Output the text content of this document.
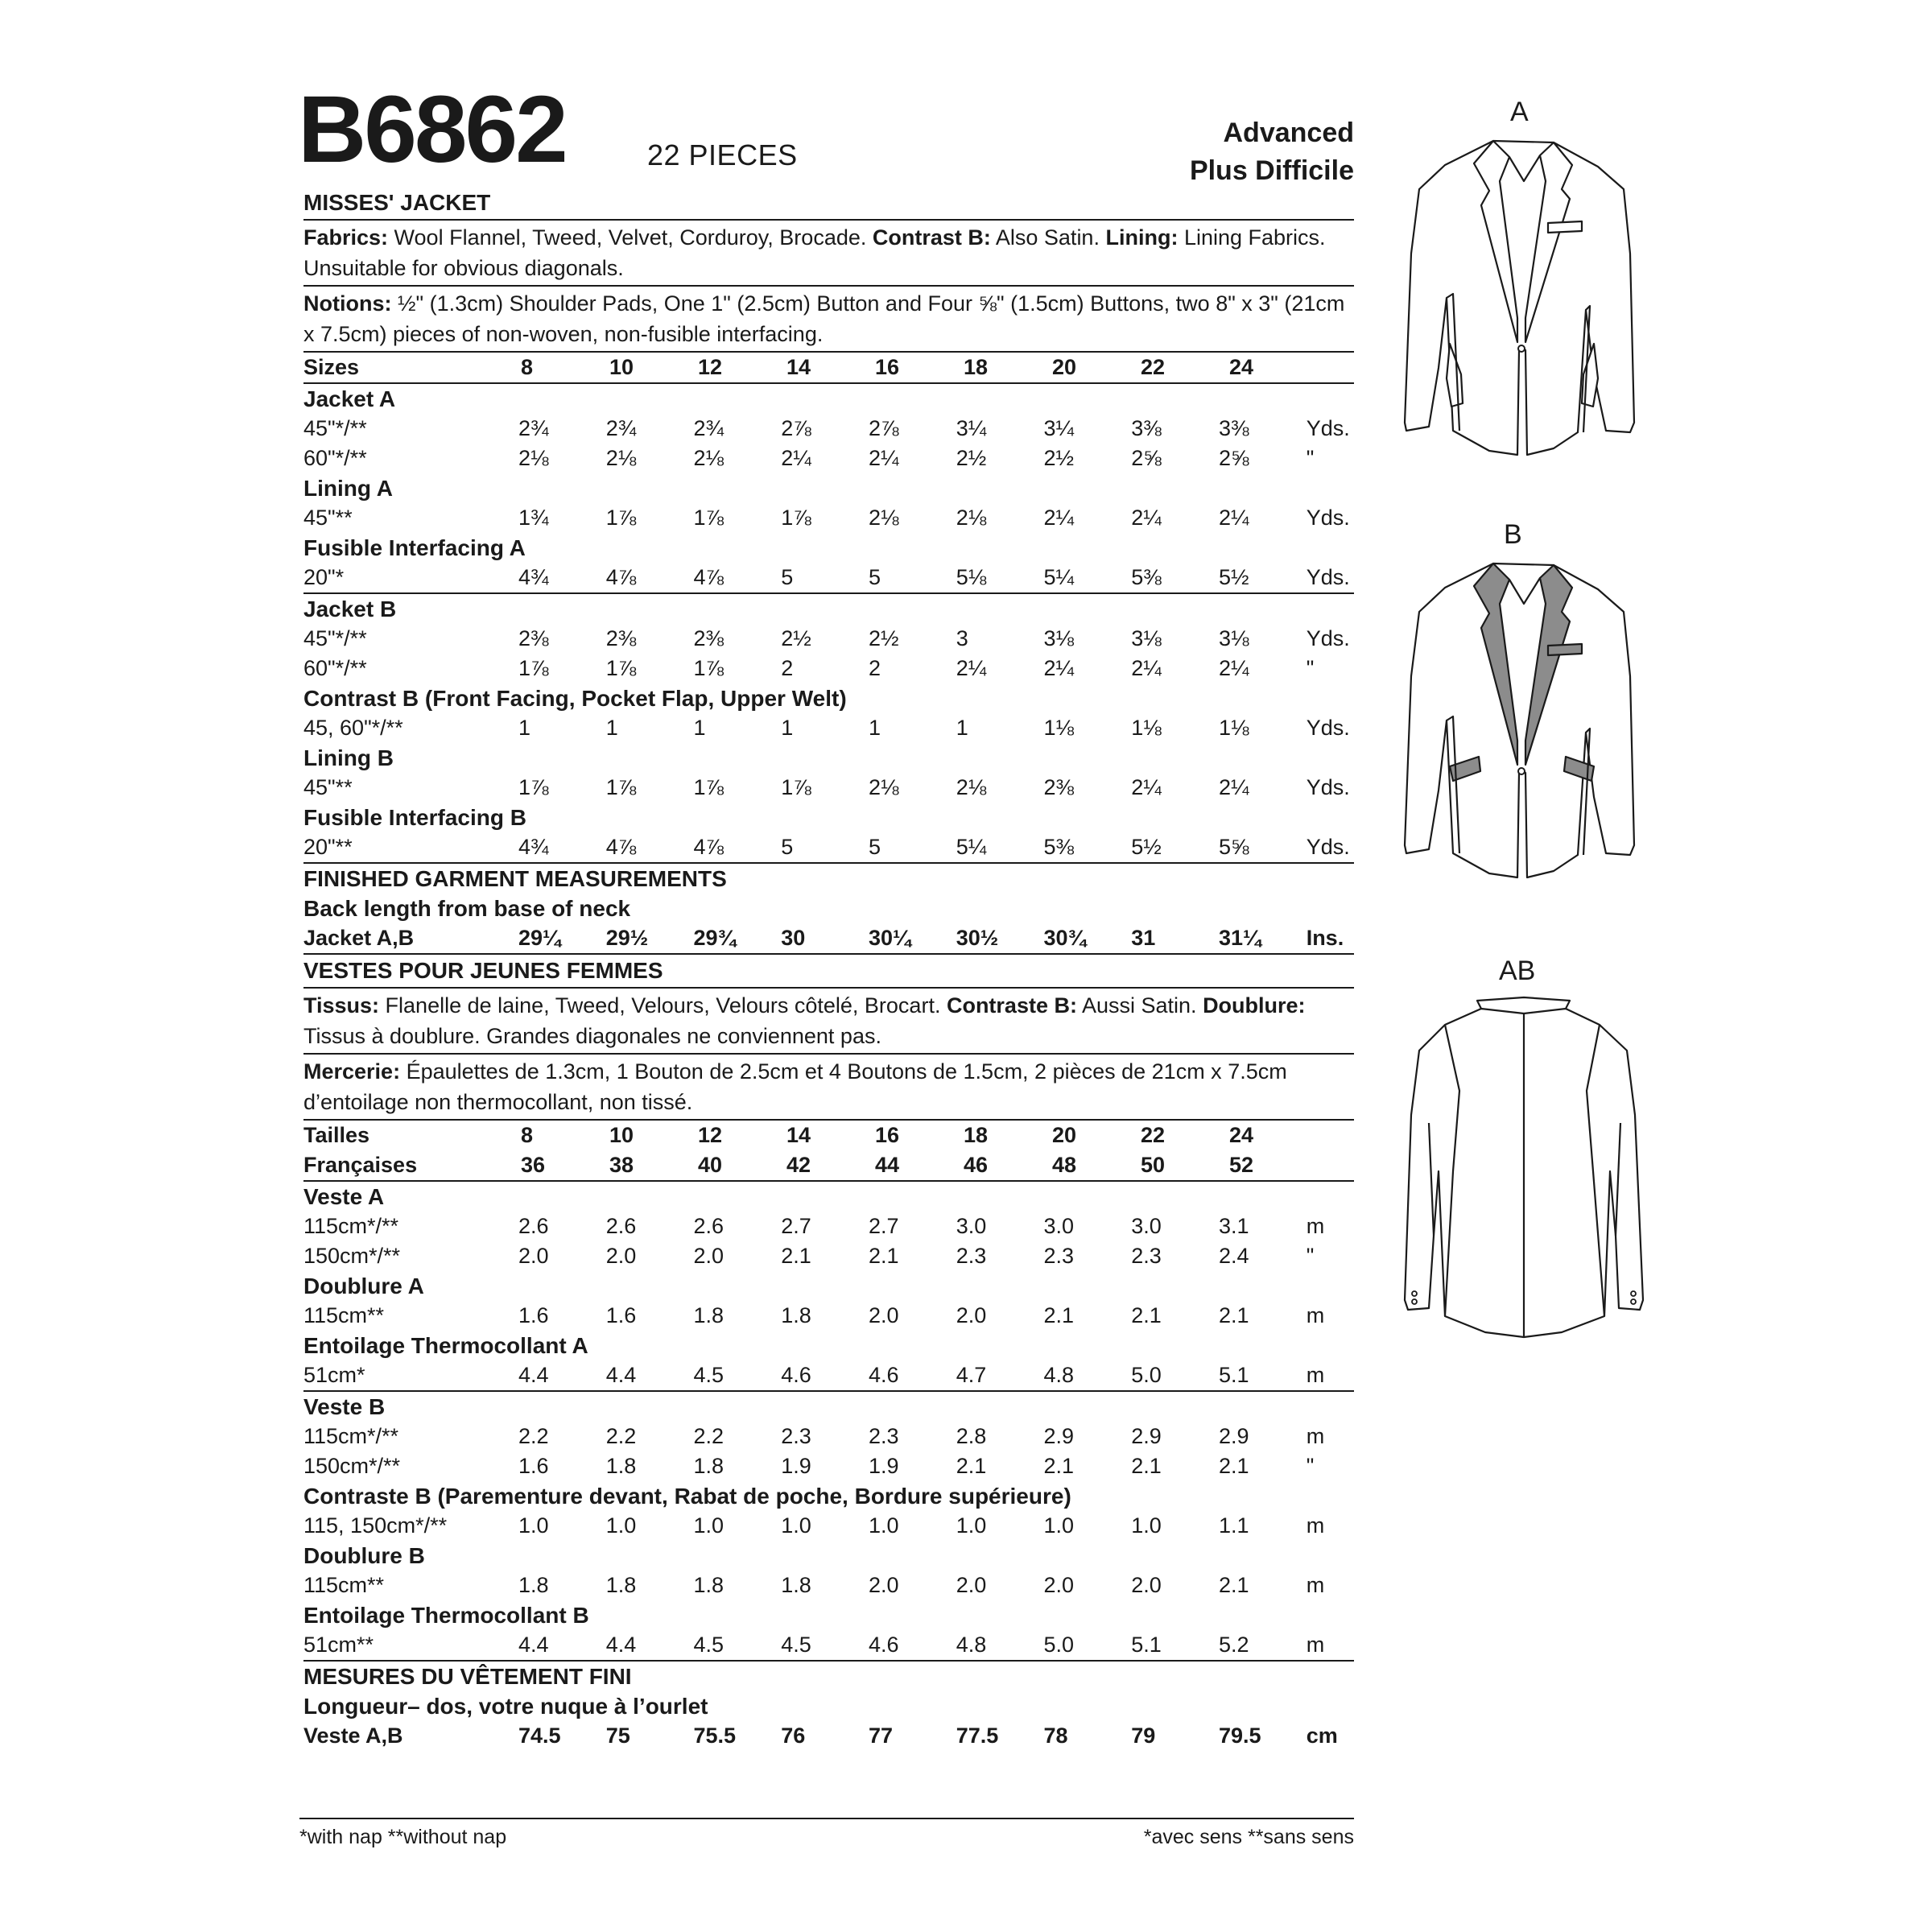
B6862	22 PIECES
Advanced
Plus Difficile
MISSES' JACKET
Fabrics: Wool Flannel, Tweed, Velvet, Corduroy, Brocade. Contrast B: Also Satin. Lining: Lining Fabrics. Unsuitable for obvious diagonals.
Notions: ½" (1.3cm) Shoulder Pads, One 1" (2.5cm) Button and Four ⅝" (1.5cm) Buttons, two 8" x 3" (21cm x 7.5cm) pieces of non-woven, non-fusible interfacing.
Sizes	8	10	12	14	16	18	20	22	24
Jacket A
45"*/**	2¾	2¾	2¾	2⅞	2⅞	3¼	3¼	3⅜	3⅜	Yds.
60"*/**	2⅛	2⅛	2⅛	2¼	2¼	2½	2½	2⅝	2⅝	"
Lining A
45"**	1¾	1⅞	1⅞	1⅞	2⅛	2⅛	2¼	2¼	2¼	Yds.
Fusible Interfacing A
20"*	4¾	4⅞	4⅞	5	5	5⅛	5¼	5⅜	5½	Yds.
Jacket B
45"*/**	2⅜	2⅜	2⅜	2½	2½	3	3⅛	3⅛	3⅛	Yds.
60"*/**	1⅞	1⅞	1⅞	2	2	2¼	2¼	2¼	2¼	"
Contrast B (Front Facing, Pocket Flap, Upper Welt)
45, 60"*/**	1	1	1	1	1	1	1⅛	1⅛	1⅛	Yds.
Lining B
45"**	1⅞	1⅞	1⅞	1⅞	2⅛	2⅛	2⅜	2¼	2¼	Yds.
Fusible Interfacing B
20"**	4¾	4⅞	4⅞	5	5	5¼	5⅜	5½	5⅝	Yds.
FINISHED GARMENT MEASUREMENTS
Back length from base of neck
Jacket A,B	29¼	29½	29¾	30	30¼	30½	30¾	31	31¼	Ins.
VESTES POUR JEUNES FEMMES
Tissus: Flanelle de laine, Tweed, Velours, Velours côtelé, Brocart. Contraste B: Aussi Satin. Doublure: Tissus à doublure. Grandes diagonales ne conviennent pas.
Mercerie: Épaulettes de 1.3cm, 1 Bouton de 2.5cm et 4 Boutons de 1.5cm, 2 pièces de 21cm x 7.5cm d’entoilage non thermocollant, non tissé.
Tailles	8	10	12	14	16	18	20	22	24
Françaises	36	38	40	42	44	46	48	50	52
Veste A
115cm*/**	2.6	2.6	2.6	2.7	2.7	3.0	3.0	3.0	3.1	m
150cm*/**	2.0	2.0	2.0	2.1	2.1	2.3	2.3	2.3	2.4	"
Doublure A
115cm**	1.6	1.6	1.8	1.8	2.0	2.0	2.1	2.1	2.1	m
Entoilage Thermocollant A
51cm*	4.4	4.4	4.5	4.6	4.6	4.7	4.8	5.0	5.1	m
Veste B
115cm*/**	2.2	2.2	2.2	2.3	2.3	2.8	2.9	2.9	2.9	m
150cm*/**	1.6	1.8	1.8	1.9	1.9	2.1	2.1	2.1	2.1	"
Contraste B (Parementure devant, Rabat de poche, Bordure supérieure)
115, 150cm*/**	1.0	1.0	1.0	1.0	1.0	1.0	1.0	1.0	1.1	m
Doublure B
115cm**	1.8	1.8	1.8	1.8	2.0	2.0	2.0	2.0	2.1	m
Entoilage Thermocollant B
51cm**	4.4	4.4	4.5	4.5	4.6	4.8	5.0	5.1	5.2	m
MESURES DU VÊTEMENT FINI
Longueur– dos, votre nuque à l’ourlet
Veste A,B	74.5	75	75.5	76	77	77.5	78	79	79.5	cm
*with nap **without nap	*avec sens **sans sens
A
B
AB
